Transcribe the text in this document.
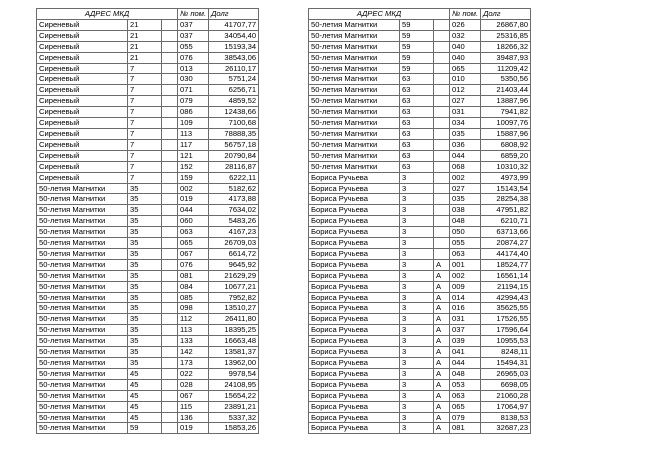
АДРЕС МКД			№ пом.	Долг
Сиреневый	21		037	41707,77
Сиреневый	21		037	34054,40
Сиреневый	21		055	15193,34
Сиреневый	21		076	38543,06
Сиреневый	7		013	26110,17
Сиреневый	7		030	5751,24
Сиреневый	7		071	6256,71
Сиреневый	7		079	4859,52
Сиреневый	7		086	12438,66
Сиреневый	7		109	7100,68
Сиреневый	7		113	78888,35
Сиреневый	7		117	56757,18
Сиреневый	7		121	20790,84
Сиреневый	7		152	28116,87
Сиреневый	7		159	6222,11
50-летия Магнитки	35		002	5182,62
50-летия Магнитки	35		019	4173,88
50-летия Магнитки	35		044	7634,02
50-летия Магнитки	35		060	5483,26
50-летия Магнитки	35		063	4167,23
50-летия Магнитки	35		065	26709,03
50-летия Магнитки	35		067	6614,72
50-летия Магнитки	35		076	9645,92
50-летия Магнитки	35		081	21629,29
50-летия Магнитки	35		084	10677,21
50-летия Магнитки	35		085	7952,82
50-летия Магнитки	35		098	13510,27
50-летия Магнитки	35		112	26411,80
50-летия Магнитки	35		113	18395,25
50-летия Магнитки	35		133	16663,48
50-летия Магнитки	35		142	13581,37
50-летия Магнитки	35		173	13962,00
50-летия Магнитки	45		022	9978,54
50-летия Магнитки	45		028	24108,95
50-летия Магнитки	45		067	15654,22
50-летия Магнитки	45		115	23891,21
50-летия Магнитки	45		136	5337,32
50-летия Магнитки	59		019	15853,26
АДРЕС МКД			№ пом.	Долг
50-летия Магнитки	59		026	26867,80
50-летия Магнитки	59		032	25316,85
50-летия Магнитки	59		040	18266,32
50-летия Магнитки	59		040	39487,93
50-летия Магнитки	59		065	11209,42
50-летия Магнитки	63		010	5350,56
50-летия Магнитки	63		012	21403,44
50-летия Магнитки	63		027	13887,96
50-летия Магнитки	63		031	7941,82
50-летия Магнитки	63		034	10097,76
50-летия Магнитки	63		035	15887,96
50-летия Магнитки	63		036	6808,92
50-летия Магнитки	63		044	6859,20
50-летия Магнитки	63		068	10310,32
Бориса Ручьева	3		002	4973,99
Бориса Ручьева	3		027	15143,54
Бориса Ручьева	3		035	28254,38
Бориса Ручьева	3		038	47951,82
Бориса Ручьева	3		048	6210,71
Бориса Ручьева	3		050	63713,66
Бориса Ручьева	3		055	20874,27
Бориса Ручьева	3		063	44174,40
Бориса Ручьева	3	А	001	18524,77
Бориса Ручьева	3	А	002	16561,14
Бориса Ручьева	3	А	009	21194,15
Бориса Ручьева	3	А	014	42994,43
Бориса Ручьева	3	А	016	35625,55
Бориса Ручьева	3	А	031	17526,55
Бориса Ручьева	3	А	037	17596,64
Бориса Ручьева	3	А	039	10955,53
Бориса Ручьева	3	А	041	8248,11
Бориса Ручьева	3	А	044	15494,31
Бориса Ручьева	3	А	048	26965,03
Бориса Ручьева	3	А	053	6698,05
Бориса Ручьева	3	А	063	21060,28
Бориса Ручьева	3	А	065	17064,97
Бориса Ручьева	3	А	079	8138,53
Бориса Ручьева	3	А	081	32687,23
